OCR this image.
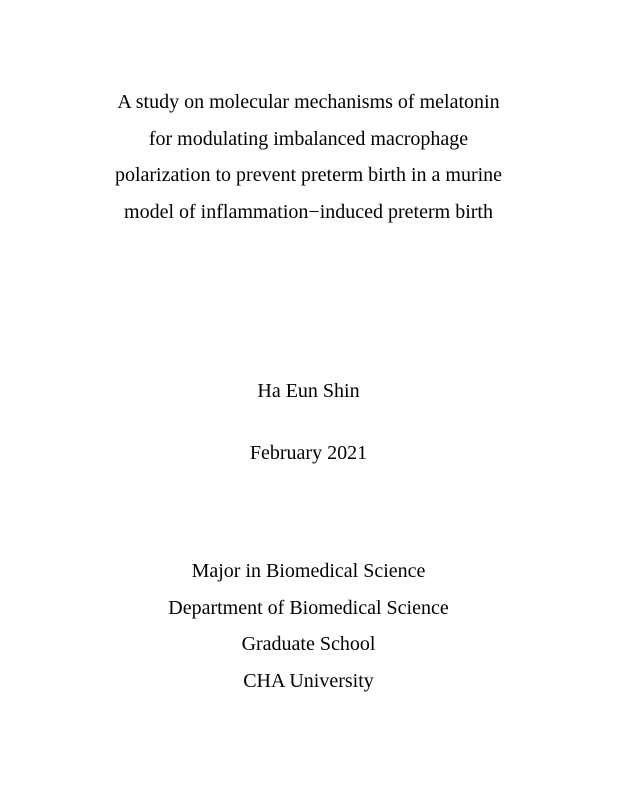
A study on molecular mechanisms of melatonin
for modulating imbalanced macrophage
polarization to prevent preterm birth in a murine
model of inflammation−induced preterm birth
Ha Eun Shin
February 2021
Major in Biomedical Science
Department of Biomedical Science
Graduate School
CHA University
